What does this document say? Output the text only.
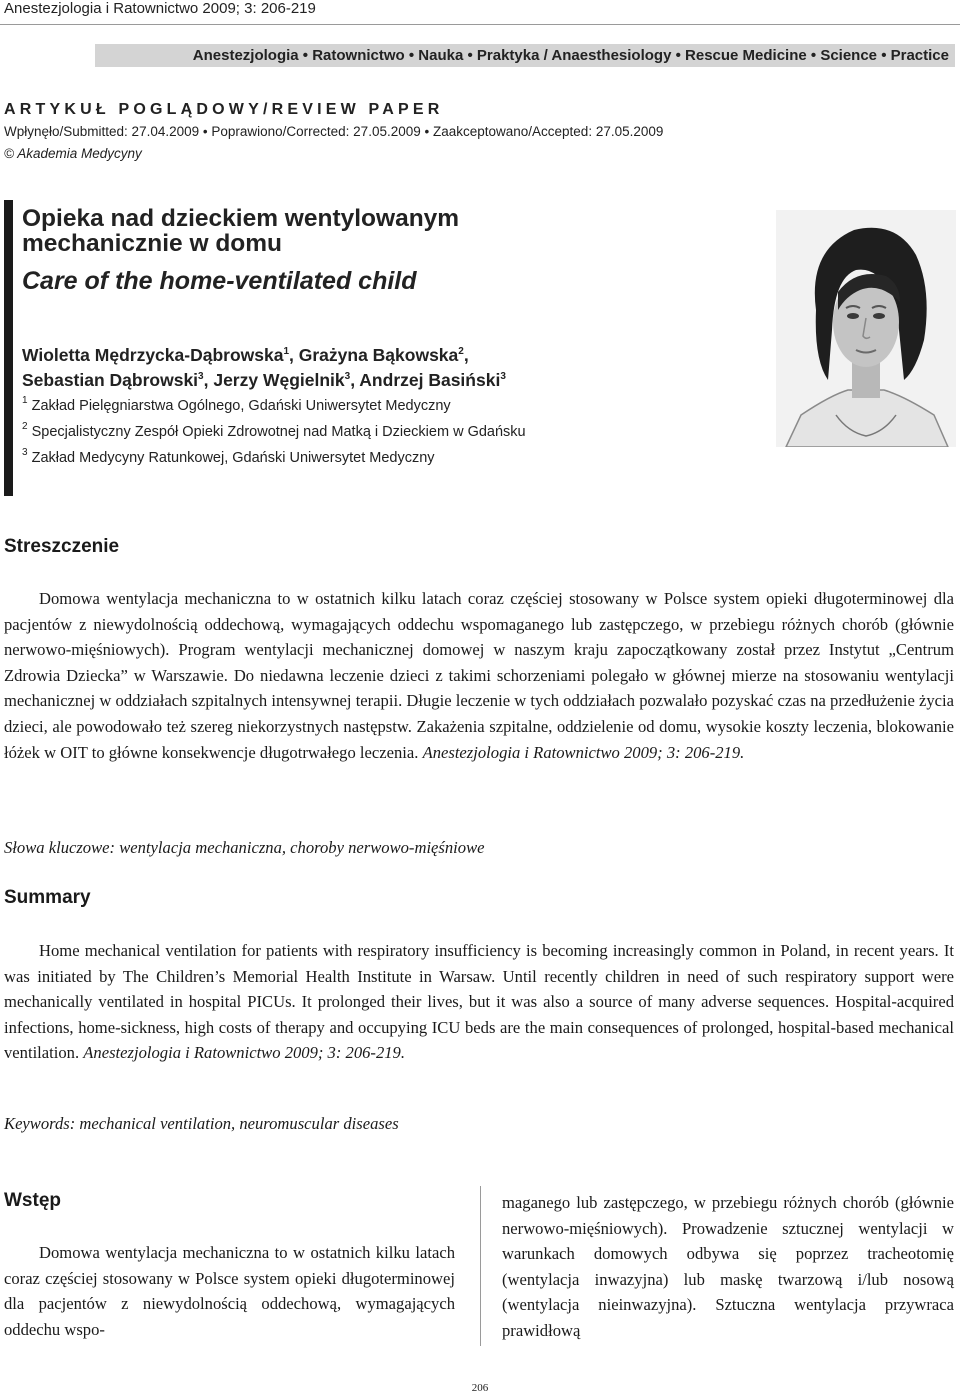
Anestezjologia i Ratownictwo 2009; 3: 206-219
Anestezjologia • Ratownictwo • Nauka • Praktyka / Anaesthesiology • Rescue Medicine • Science • Practice
ARTYKUŁ POGLĄDOWY/REVIEW PAPER
Wpłynęło/Submitted: 27.04.2009 • Poprawiono/Corrected: 27.05.2009 • Zaakceptowano/Accepted: 27.05.2009
© Akademia Medycyny
Opieka nad dzieckiem wentylowanym mechanicznie w domu
Care of the home-ventilated child
Wioletta Mędrzycka-Dąbrowska$^1$, Grażyna Bąkowska$^2$,
Sebastian Dąbrowski$^3$, Jerzy Węgielnik$^3$, Andrzej Basiński$^3$
$^1$ Zakład Pielęgniarstwa Ogólnego, Gdański Uniwersytet Medyczny
$^2$ Specjalistyczny Zespół Opieki Zdrowotnej nad Matką i Dzieckiem w Gdańsku
$^3$ Zakład Medycyny Ratunkowej, Gdański Uniwersytet Medyczny
Streszczenie

Domowa wentylacja mechaniczna to w ostatnich kilku latach coraz częściej stosowany w Polsce system opieki długoterminowej dla pacjentów z niewydolnością oddechową, wymagających oddechu wspomaganego lub zastępczego, w przebiegu różnych chorób (głównie nerwowo-mięśniowych). Program wentylacji mechanicznej domowej w naszym kraju zapoczątkowany został przez Instytut „Centrum Zdrowia Dziecka” w Warszawie. Do niedawna leczenie dzieci z takimi schorzeniami polegało w głównej mierze na stosowaniu wentylacji mechanicznej w oddziałach szpitalnych intensywnej terapii. Długie leczenie w tych oddziałach pozwalało pozyskać czas na przedłużenie życia dzieci, ale powodowało też szereg niekorzystnych następstw. Zakażenia szpitalne, oddzielenie od domu, wysokie koszty leczenia, blokowanie łóżek w OIT to główne konsekwencje długotrwałego leczenia. Anestezjologia i Ratownictwo 2009; 3: 206-219.

Słowa kluczowe: wentylacja mechaniczna, choroby nerwowo-mięśniowe
Summary

Home mechanical ventilation for patients with respiratory insufficiency is becoming increasingly common in Poland, in recent years. It was initiated by The Children’s Memorial Health Institute in Warsaw. Until recently children in need of such respiratory support were mechanically ventilated in hospital PICUs. It prolonged their lives, but it was also a source of many adverse sequences. Hospital-acquired infections, home-sickness, high costs of therapy and occupying ICU beds are the main consequences of prolonged, hospital-based mechanical ventilation. Anestezjologia i Ratownictwo 2009; 3: 206-219.

Keywords: mechanical ventilation, neuromuscular diseases
Wstęp

Domowa wentylacja mechaniczna to w ostatnich kilku latach coraz częściej stosowany w Polsce system opieki długoterminowej dla pacjentów z niewydolnością oddechową, wymagających oddechu wspo-

maganego lub zastępczego, w przebiegu różnych chorób (głównie nerwowo-mięśniowych). Prowadzenie sztucznej wentylacji w warunkach domowych odbywa się poprzez tracheotomię (wentylacja inwazyjna) lub maskę twarzową i/lub nosową (wentylacja nieinwazyjna). Sztuczna wentylacja przywraca prawidłową

206
